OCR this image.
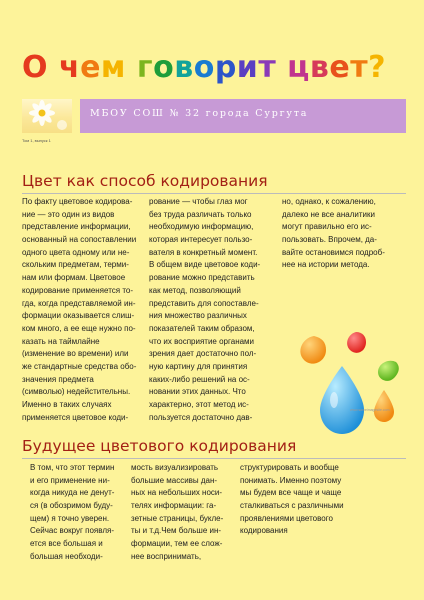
О чем говорит цвет?
МБОУ СОШ № 32 города Сургута
Том 1, выпуск 1
Цвет как способ кодирования
По факту цветовое кодирова-
ние — это один из видов
представление информации,
основанный на сопоставлении
одного цвета одному или не-
скольким предметам, терми-
нам или формам. Цветовое
кодирование применяется то-
гда, когда представляемой ин-
формации оказывается слиш-
ком много, а ее еще нужно по-
казать на таймлайне
(изменение во времени) или
же стандартные средства обо-
значения предмета
(символью) недейстительны.
Именно в таких случаях
применяется цветовое коди-
рование — чтобы глаз мог
без труда различать только
необходимую информацию,
которая интересует пользо-
вателя в конкретный момент.
В общем виде цветовое коди-
рование можно представить
как метод, позволяющий
представить для сопоставле-
ния множество различных
показателей таким образом,
что их восприятие органами
зрения дает достаточно пол-
ную картину для принятия
каких-либо решений на ос-
новании этих данных. Что
характерно, этот метод ис-
пользуется достаточно дав-
но, однако, к сожалению,
далеко не все аналитики
могут правильно его ис-
пользовать. Впрочем, да-
вайте остановимся подроб-
нее на истории метода.
www.someimagesite.com
Будущее цветового кодирования
В том, что этот термин
и его применение ни-
когда никуда не денут-
ся (в обозримом буду-
щем) я точно уверен.
Сейчас вокруг появля-
ется все большая и
большая необходи-
мость визуализировать
большие массивы дан-
ных на небольших носи-
телях информации: га-
зетные страницы, букле-
ты и т.д.Чем больше ин-
формации, тем ее слож-
нее воспринимать,
структурировать и вообще
понимать. Именно поэтому
мы будем все чаще и чаще
сталкиваться с различными
проявлениями цветового
кодирования
